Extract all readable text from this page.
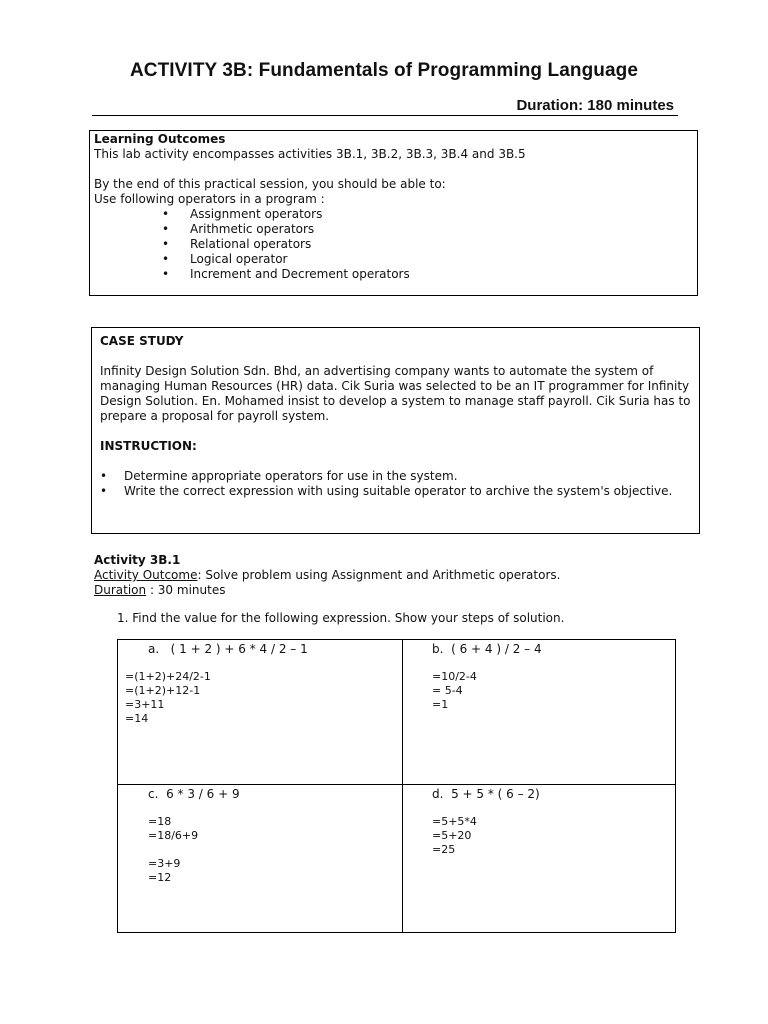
ACTIVITY 3B: Fundamentals of Programming Language
Duration: 180 minutes
Learning Outcomes
This lab activity encompasses activities 3B.1, 3B.2, 3B.3, 3B.4 and 3B.5
By the end of this practical session, you should be able to:
Use following operators in a program :
• Assignment operators
• Arithmetic operators
• Relational operators
• Logical operator
• Increment and Decrement operators
CASE STUDY
Infinity Design Solution Sdn. Bhd, an advertising company wants to automate the system of managing Human Resources (HR) data. Cik Suria was selected to be an IT programmer for Infinity Design Solution. En. Mohamed insist to develop a system to manage staff payroll. Cik Suria has to prepare a proposal for payroll system.
INSTRUCTION:
• Determine appropriate operators for use in the system.
• Write the correct expression with using suitable operator to archive the system's objective.
Activity 3B.1
Activity Outcome: Solve problem using Assignment and Arithmetic operators.
Duration : 30 minutes
1. Find the value for the following expression. Show your steps of solution.
a. ( 1 + 2 ) + 6 * 4 / 2 – 1
=(1+2)+24/2-1
=(1+2)+12-1
=3+11
=14
b. ( 6 + 4 ) / 2 – 4
=10/2-4
= 5-4
=1
c. 6 * 3 / 6 + 9
=18
=18/6+9

=3+9
=12
d. 5 + 5 * ( 6 – 2)
=5+5*4
=5+20
=25
